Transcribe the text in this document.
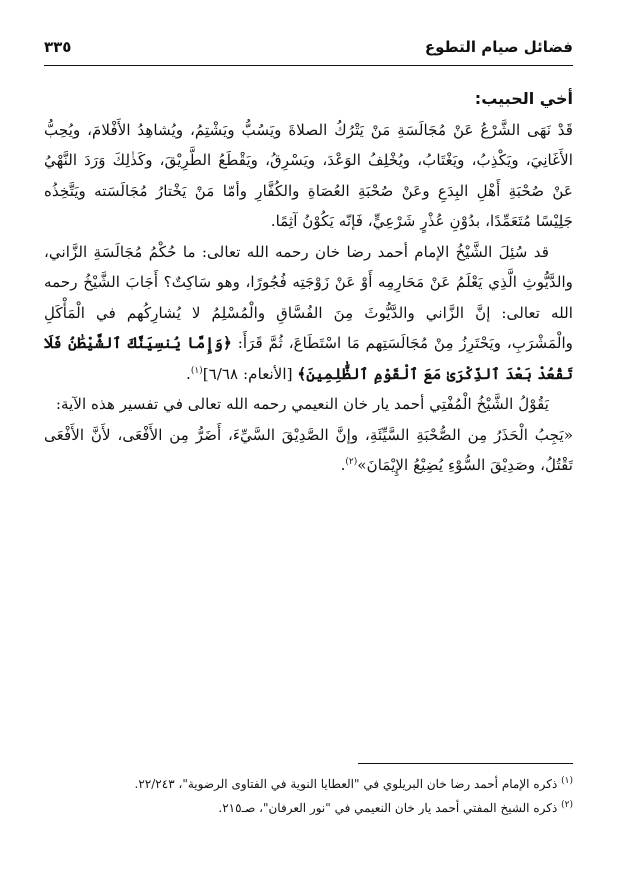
فضائل صيام التطوع
٣٣٥

أخي الحبيب:

قَدْ نَهَى الشَّرْعُ عَنْ مُجَالَسَةِ مَنْ يَتْرُكُ الصلاةَ ويَسُبُّ ويَشْتِمُ، ويُشاهِدُ الأَفْلامَ، ويُحِبُّ الأَغَانِيَ، ويَكْذِبُ، ويَغْتَابُ، ويُخْلِفُ الوَعْدَ، ويَسْرِقُ، ويَقْطَعُ الطَّرِيْقَ، وكَذٰلِكَ وَرَدَ النَّهْيُ عَنْ صُحْبَةِ أَهْلِ البِدَعِ وعَنْ صُحْبَةِ العُصَاةِ والكُفَّارِ وأمّا مَنْ يَخْتارُ مُجَالَسَته ويَتَّخِذُه جَلِيْسًا مُتَعَمِّدًا، بدُوْنِ عُذْرٍ شَرْعِيٍّ، فَإنّه يَكُوْنُ آثِمًا.

قد سُئِلَ الشَّيْخُ الإمام أحمد رضا خان رحمه الله تعالى: ما حُكْمُ مُجَالَسَةِ الزَّاني، والدَّيُّوثِ الَّذِي يَعْلَمُ عَنْ مَحَارِمِه أَوْ عَنْ زَوْجَتِه فُجُورًا، وهو سَاكِتٌ؟ أَجَابَ الشَّيْخُ رحمه الله تعالى: إنَّ الزَّاني والدَّيُّوثَ مِنَ الفُسَّاقِ والْمُسْلِمُ لا يُشارِكُهم في الْمَأْكَلِ والْمَشْرَبِ، ويَحْتَرِزُ مِنْ مُجَالَسَتِهم مَا اسْتَطَاعَ، ثُمَّ قَرَأَ: ﴿وَإِمَّا يُنسِيَنَّكَ ٱلشَّيْطَٰنُ فَلَا تَقْعُدْ بَعْدَ ٱلذِّكْرَىٰ مَعَ ٱلْقَوْمِ ٱلظَّٰلِمِينَ﴾ [الأنعام: ٦/٦٨]$^{(١)}$.

يَقُوْلُ الشَّيْخُ الْمُفْتِي أحمد يار خان النعيمي رحمه الله تعالى في تفسير هذه الآية:

«يَجِبُ الْحَذَرُ مِن الصُّحْبَةِ السَّيِّئَةِ، وإنَّ الصَّدِيْقَ السَّيِّءَ، أَضَرُّ مِن الأَفْعَى، لأَنَّ الأَفْعَى تَقْتُلُ، وصَدِيْقَ السُّوْءِ يُضِيْعُ الإِيْمَانَ»$^{(٢)}$.

$^{(١)}$ ذكره الإمام أحمد رضا خان البريلوي في "العطايا النوية في الفتاوى الرضوية"، ٢٢/٢٤٣.

$^{(٢)}$ ذكره الشيخ المفتي أحمد يار خان النعيمي في "نور العرفان"، صـ٢١٥.
